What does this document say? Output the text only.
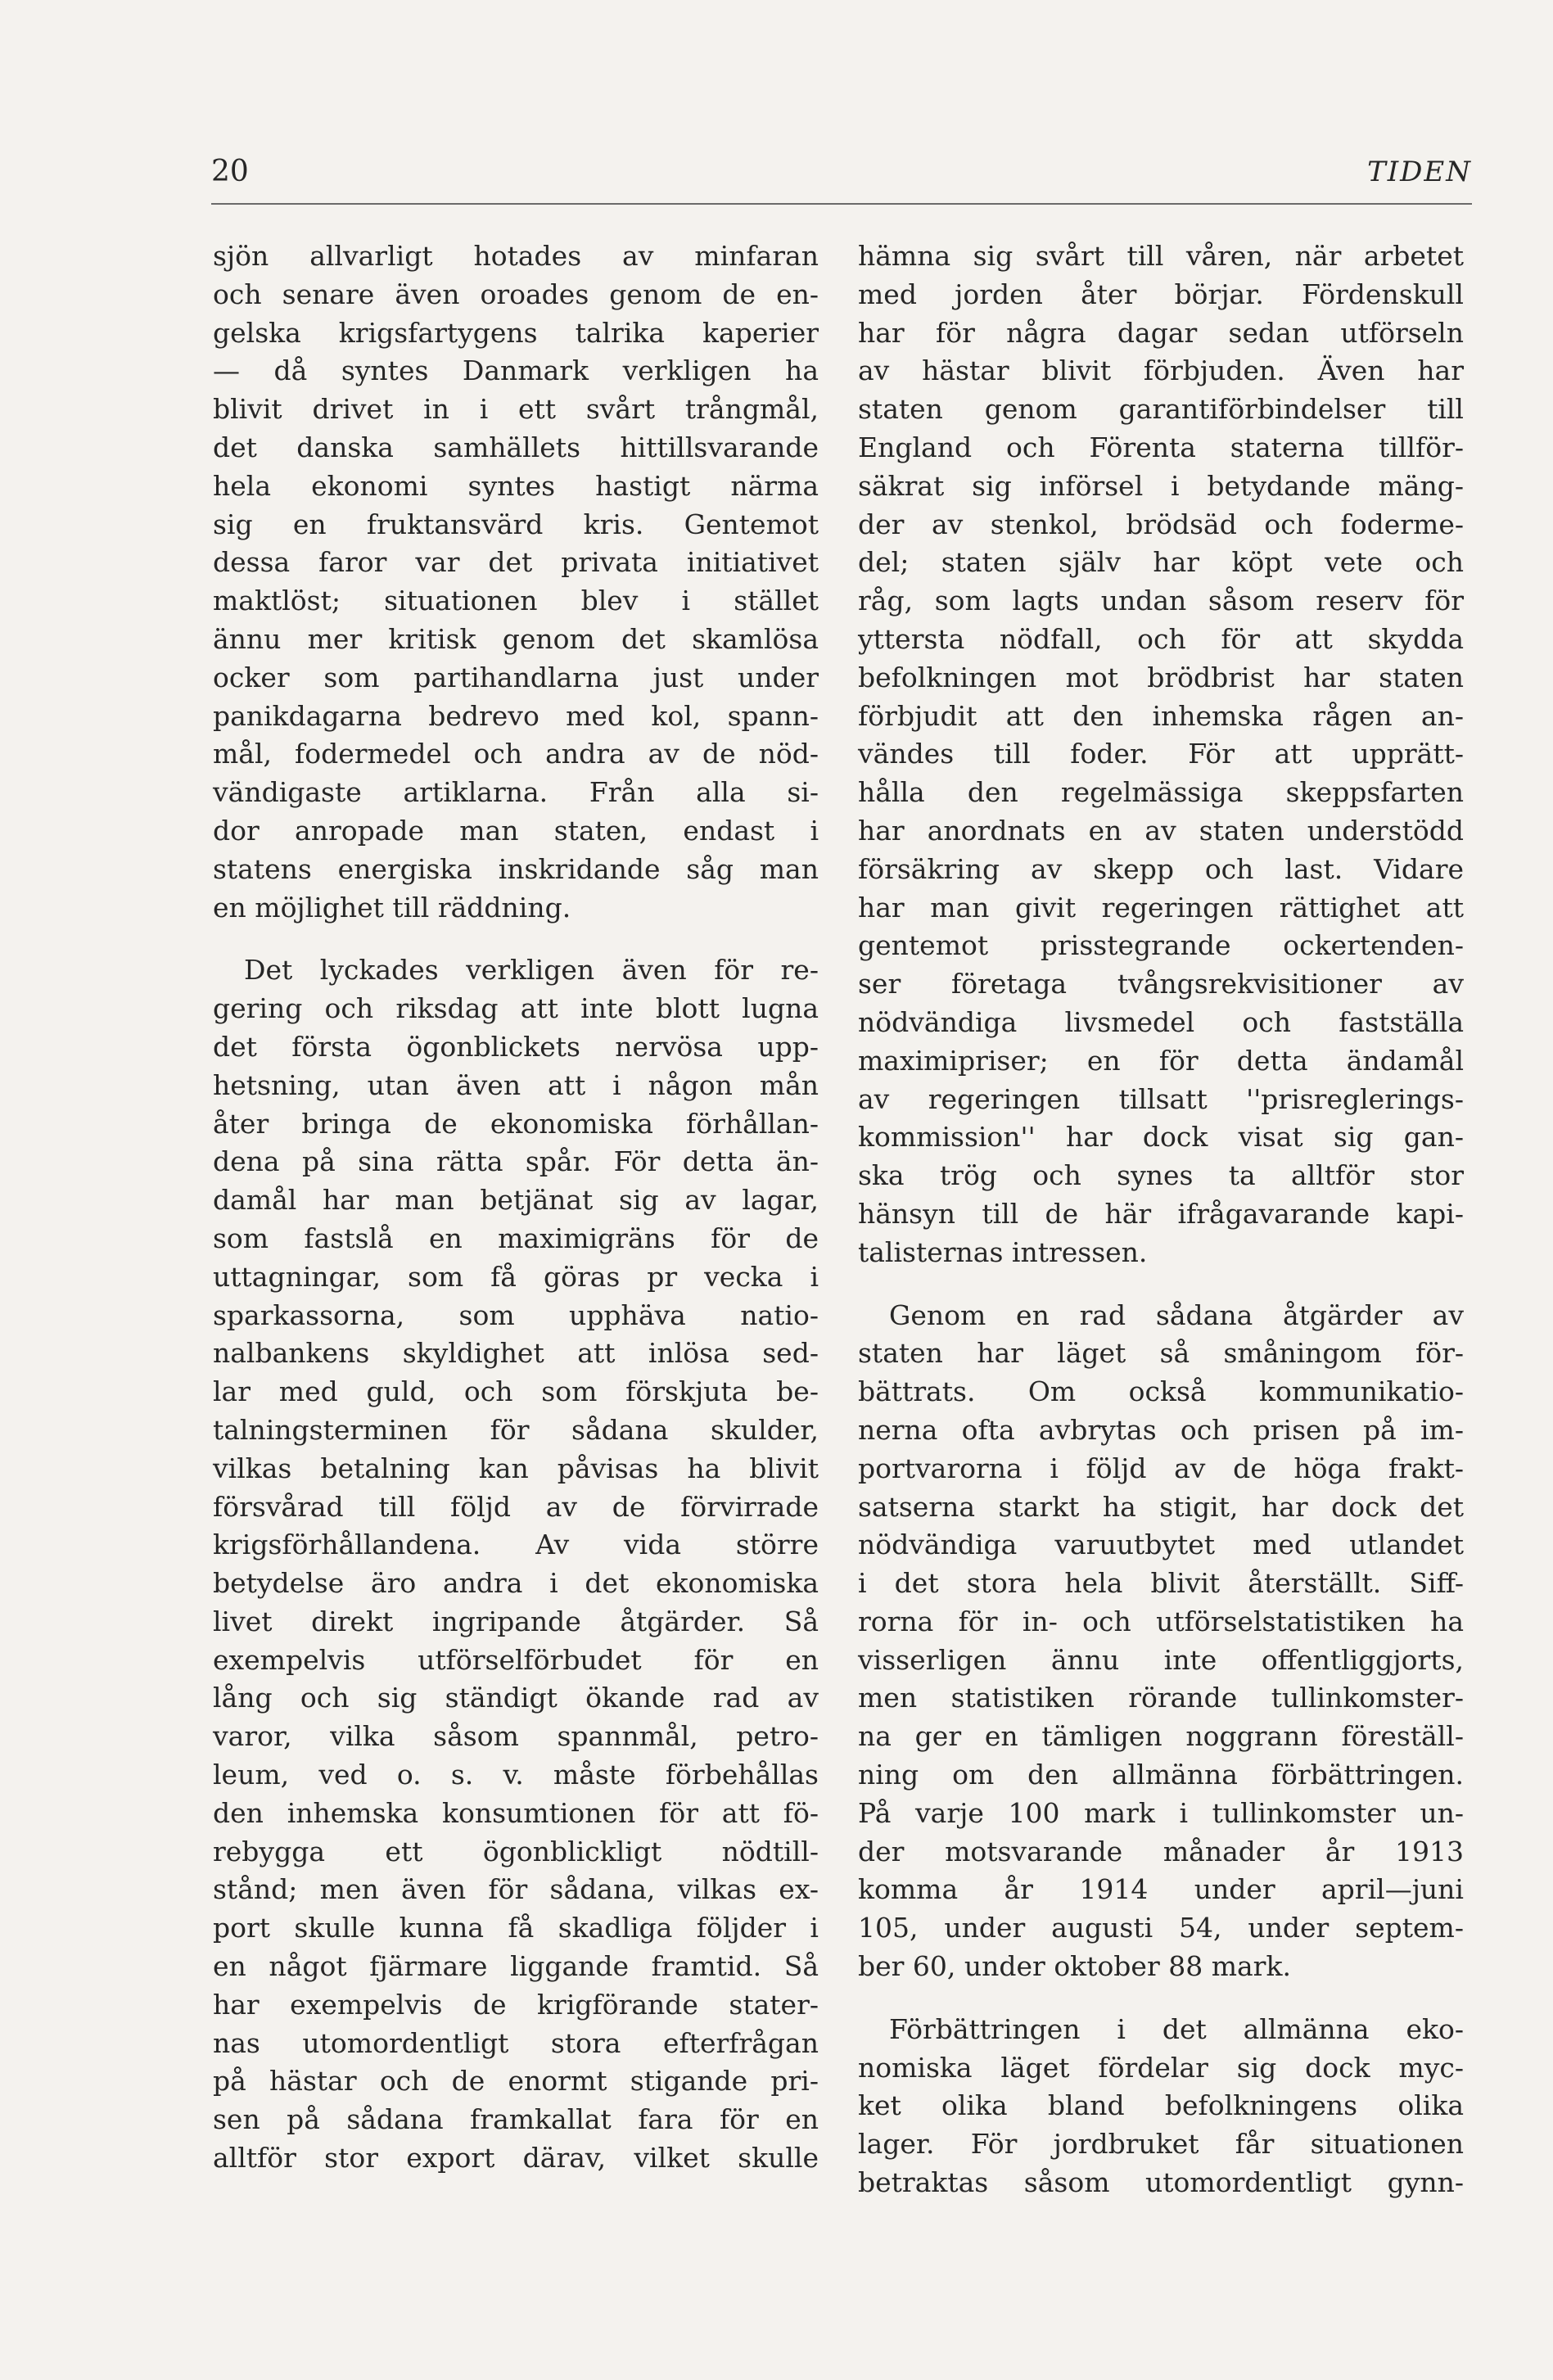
20	TIDEN
sjön allvarligt hotades av minfaran
och senare även oroades genom de en-
gelska krigsfartygens talrika kaperier
— då syntes Danmark verkligen ha
blivit drivet in i ett svårt trångmål,
det danska samhällets hittillsvarande
hela ekonomi syntes hastigt närma
sig en fruktansvärd kris. Gentemot
dessa faror var det privata initiativet
maktlöst; situationen blev i stället
ännu mer kritisk genom det skamlösa
ocker som partihandlarna just under
panikdagarna bedrevo med kol, spann-
mål, fodermedel och andra av de nöd-
vändigaste artiklarna. Från alla si-
dor anropade man staten, endast i
statens energiska inskridande såg man
en möjlighet till räddning.
Det lyckades verkligen även för re-
gering och riksdag att inte blott lugna
det första ögonblickets nervösa upp-
hetsning, utan även att i någon mån
åter bringa de ekonomiska förhållan-
dena på sina rätta spår. För detta än-
damål har man betjänat sig av lagar,
som fastslå en maximigräns för de
uttagningar, som få göras pr vecka i
sparkassorna, som upphäva natio-
nalbankens skyldighet att inlösa sed-
lar med guld, och som förskjuta be-
talningsterminen för sådana skulder,
vilkas betalning kan påvisas ha blivit
försvårad till följd av de förvirrade
krigsförhållandena. Av vida större
betydelse äro andra i det ekonomiska
livet direkt ingripande åtgärder. Så
exempelvis utförselförbudet för en
lång och sig ständigt ökande rad av
varor, vilka såsom spannmål, petro-
leum, ved o. s. v. måste förbehållas
den inhemska konsumtionen för att fö-
rebygga ett ögonblickligt nödtill-
stånd; men även för sådana, vilkas ex-
port skulle kunna få skadliga följder i
en något fjärmare liggande framtid. Så
har exempelvis de krigförande stater-
nas utomordentligt stora efterfrågan
på hästar och de enormt stigande pri-
sen på sådana framkallat fara för en
alltför stor export därav, vilket skulle
hämna sig svårt till våren, när arbetet
med jorden åter börjar. Fördenskull
har för några dagar sedan utförseln
av hästar blivit förbjuden. Även har
staten genom garantiförbindelser till
England och Förenta staterna tillför-
säkrat sig införsel i betydande mäng-
der av stenkol, brödsäd och foderme-
del; staten själv har köpt vete och
råg, som lagts undan såsom reserv för
yttersta nödfall, och för att skydda
befolkningen mot brödbrist har staten
förbjudit att den inhemska rågen an-
vändes till foder. För att upprätt-
hålla den regelmässiga skeppsfarten
har anordnats en av staten understödd
försäkring av skepp och last. Vidare
har man givit regeringen rättighet att
gentemot prisstegrande ockertenden-
ser företaga tvångsrekvisitioner av
nödvändiga livsmedel och fastställa
maximipriser; en för detta ändamål
av regeringen tillsatt ''prisreglerings-
kommission'' har dock visat sig gan-
ska trög och synes ta alltför stor
hänsyn till de här ifrågavarande kapi-
talisternas intressen.
Genom en rad sådana åtgärder av
staten har läget så småningom för-
bättrats. Om också kommunikatio-
nerna ofta avbrytas och prisen på im-
portvarorna i följd av de höga frakt-
satserna starkt ha stigit, har dock det
nödvändiga varuutbytet med utlandet
i det stora hela blivit återställt. Siff-
rorna för in- och utförselstatistiken ha
visserligen ännu inte offentliggjorts,
men statistiken rörande tullinkomster-
na ger en tämligen noggrann föreställ-
ning om den allmänna förbättringen.
På varje 100 mark i tullinkomster un-
der motsvarande månader år 1913
komma år 1914 under april—juni
105, under augusti 54, under septem-
ber 60, under oktober 88 mark.
Förbättringen i det allmänna eko-
nomiska läget fördelar sig dock myc-
ket olika bland befolkningens olika
lager. För jordbruket får situationen
betraktas såsom utomordentligt gynn-
